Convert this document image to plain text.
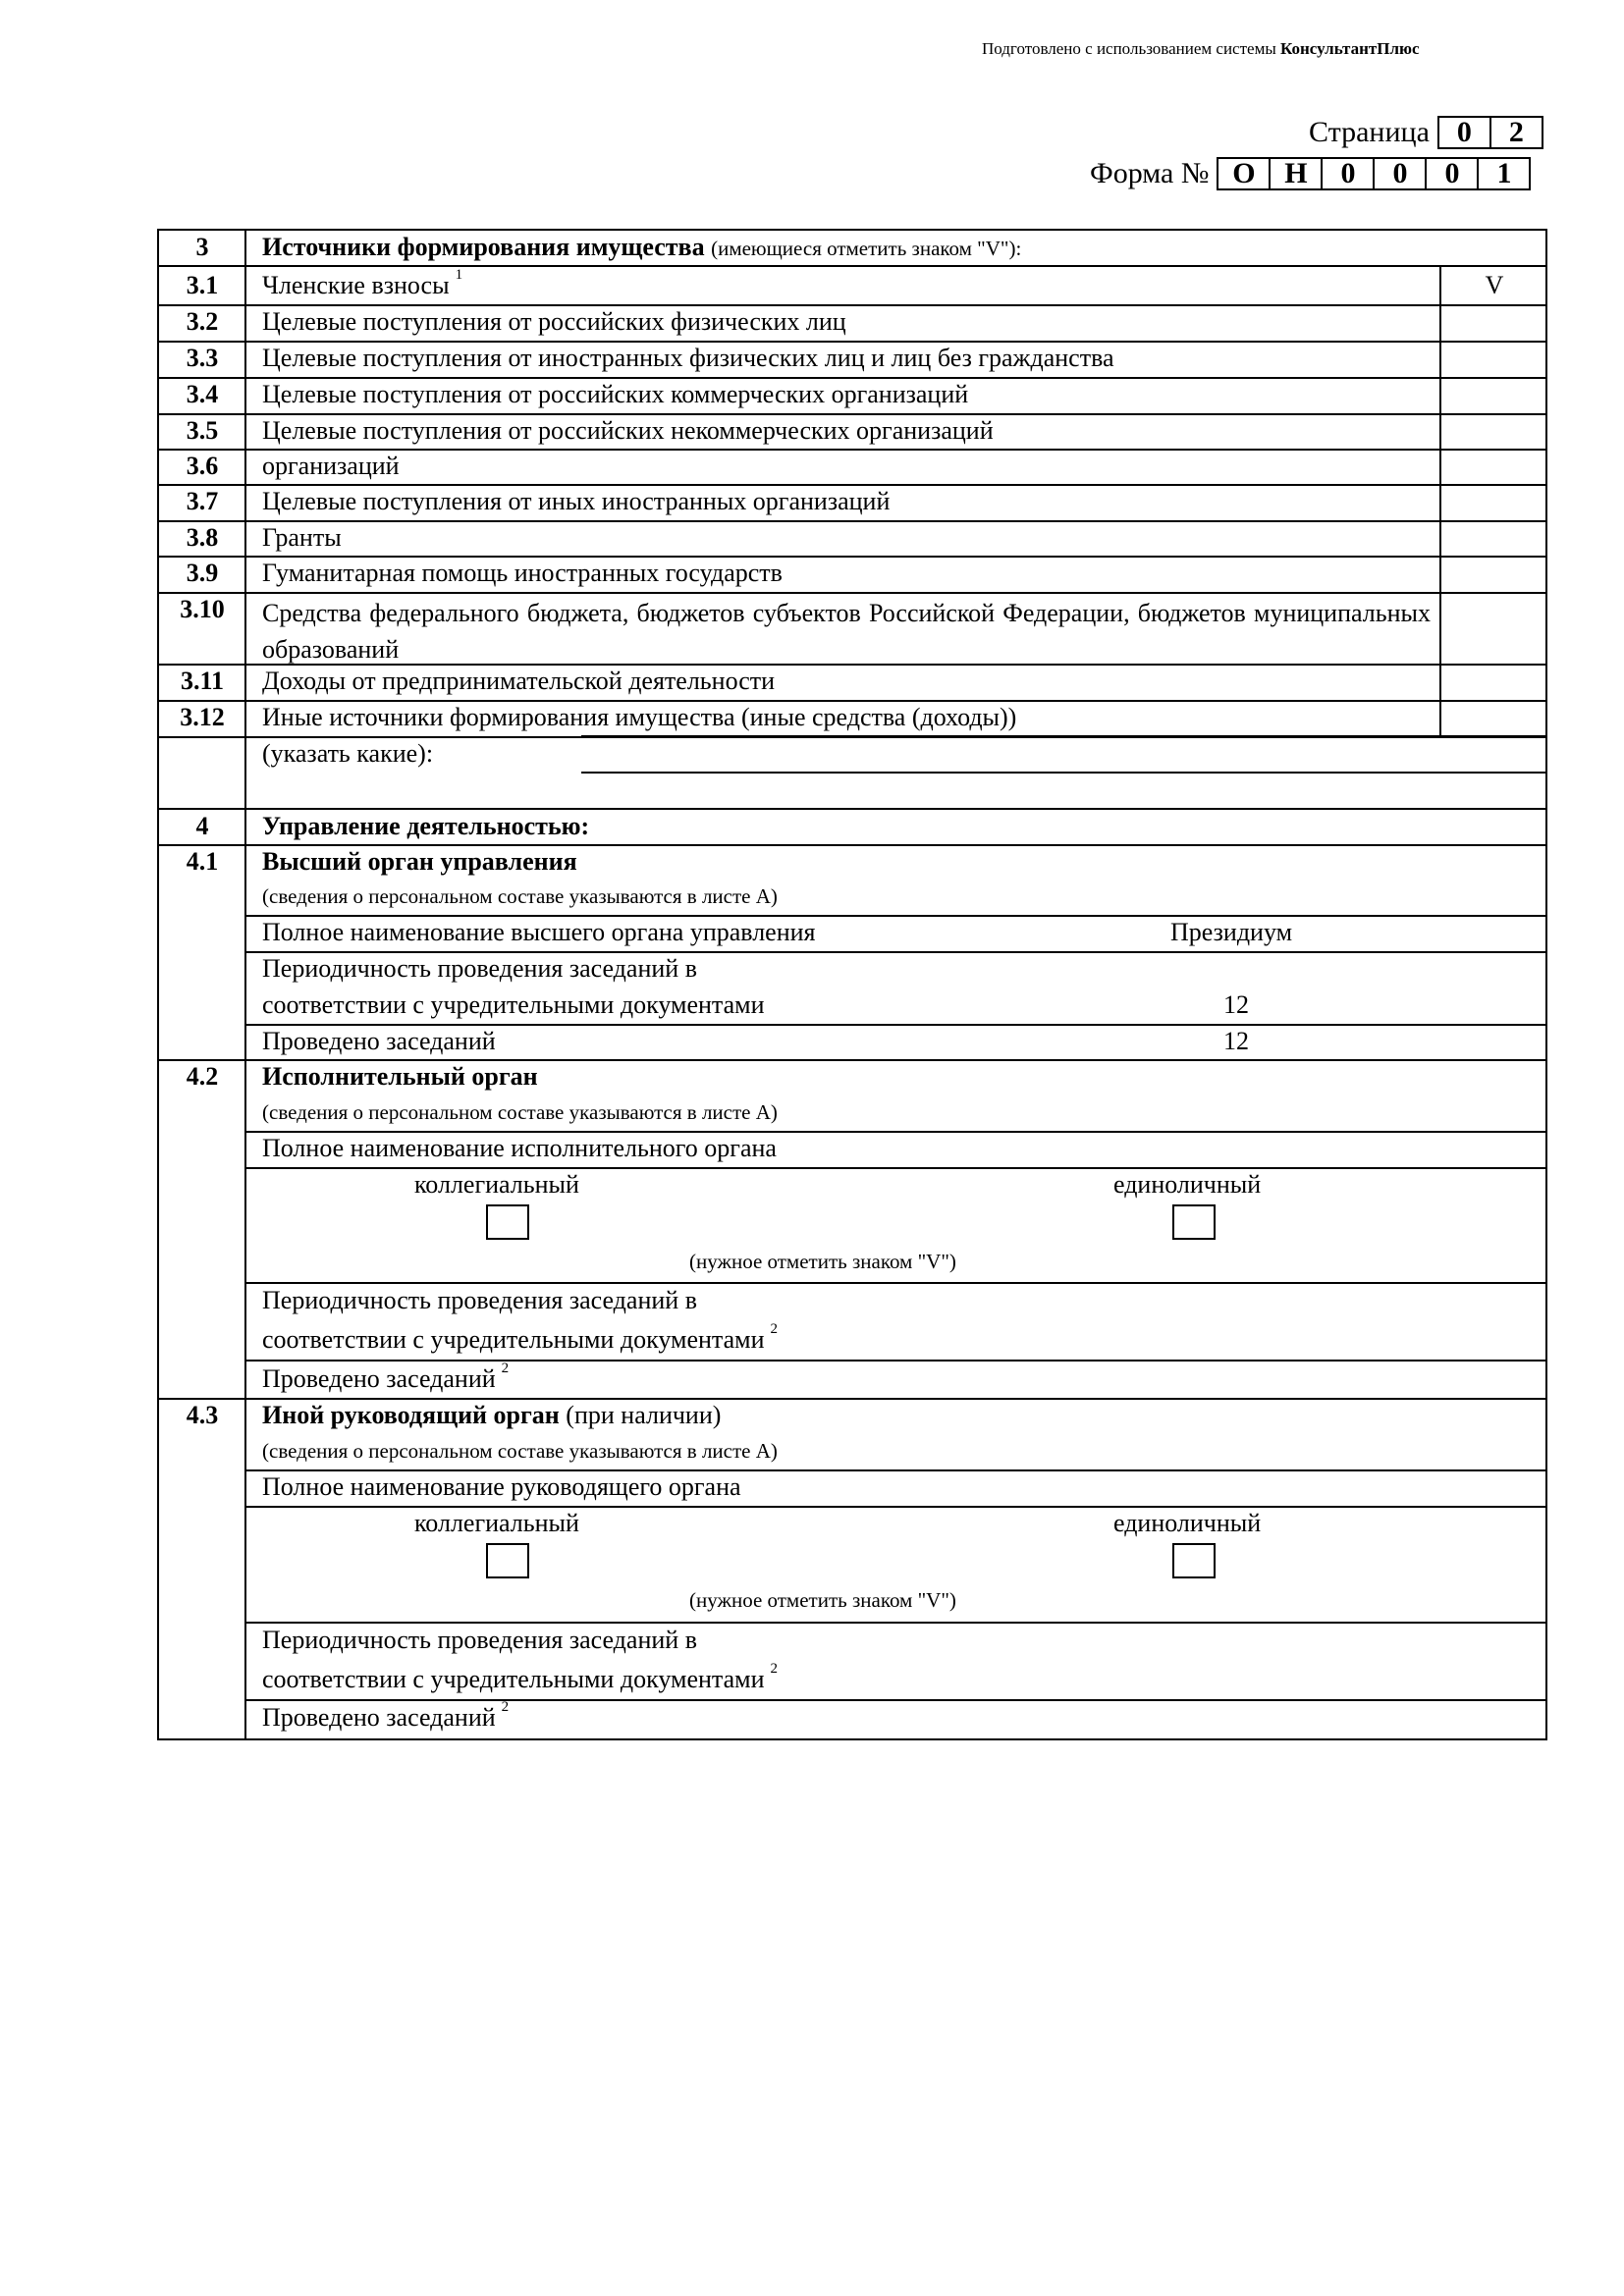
Подготовлено с использованием системы КонсультантПлюс
Страница 0	2
Форма № О Н	0	0	0	1
3	Источники формирования имущества (имеющиеся отметить знаком "V"):
3.1	Членские взносы $^1$	V
3.2	Целевые поступления от российских физических лиц
3.3	Целевые поступления от иностранных физических лиц и лиц без гражданства
3.4	Целевые поступления от российских коммерческих организаций
3.5	Целевые поступления от российских некоммерческих организаций
3.6	организаций
3.7	Целевые поступления от иных иностранных организаций
3.8	Гранты
3.9	Гуманитарная помощь иностранных государств
3.10	Средства федерального бюджета, бюджетов субъектов Российской Федерации, бюджетов муниципальных образований
3.11	Доходы от предпринимательской деятельности
3.12	Иные источники формирования имущества (иные средства (доходы))
(указать какие):
4	Управление деятельностью:
4.1	Высший орган управления
(сведения о персональном составе указываются в листе А)
Полное наименование высшего органа управления	Президиум
Периодичность проведения заседаний в
соответствии с учредительными документами	12
Проведено заседаний	12
4.2	Исполнительный орган
(сведения о персональном составе указываются в листе А)
Полное наименование исполнительного органа
коллегиальный	единоличный
(нужное отметить знаком "V")
Периодичность проведения заседаний в
соответствии с учредительными документами $^2$
Проведено заседаний $^2$
4.3	Иной руководящий орган (при наличии)
(сведения о персональном составе указываются в листе А)
Полное наименование руководящего органа
коллегиальный	единоличный
(нужное отметить знаком "V")
Периодичность проведения заседаний в
соответствии с учредительными документами $^2$
Проведено заседаний $^2$
